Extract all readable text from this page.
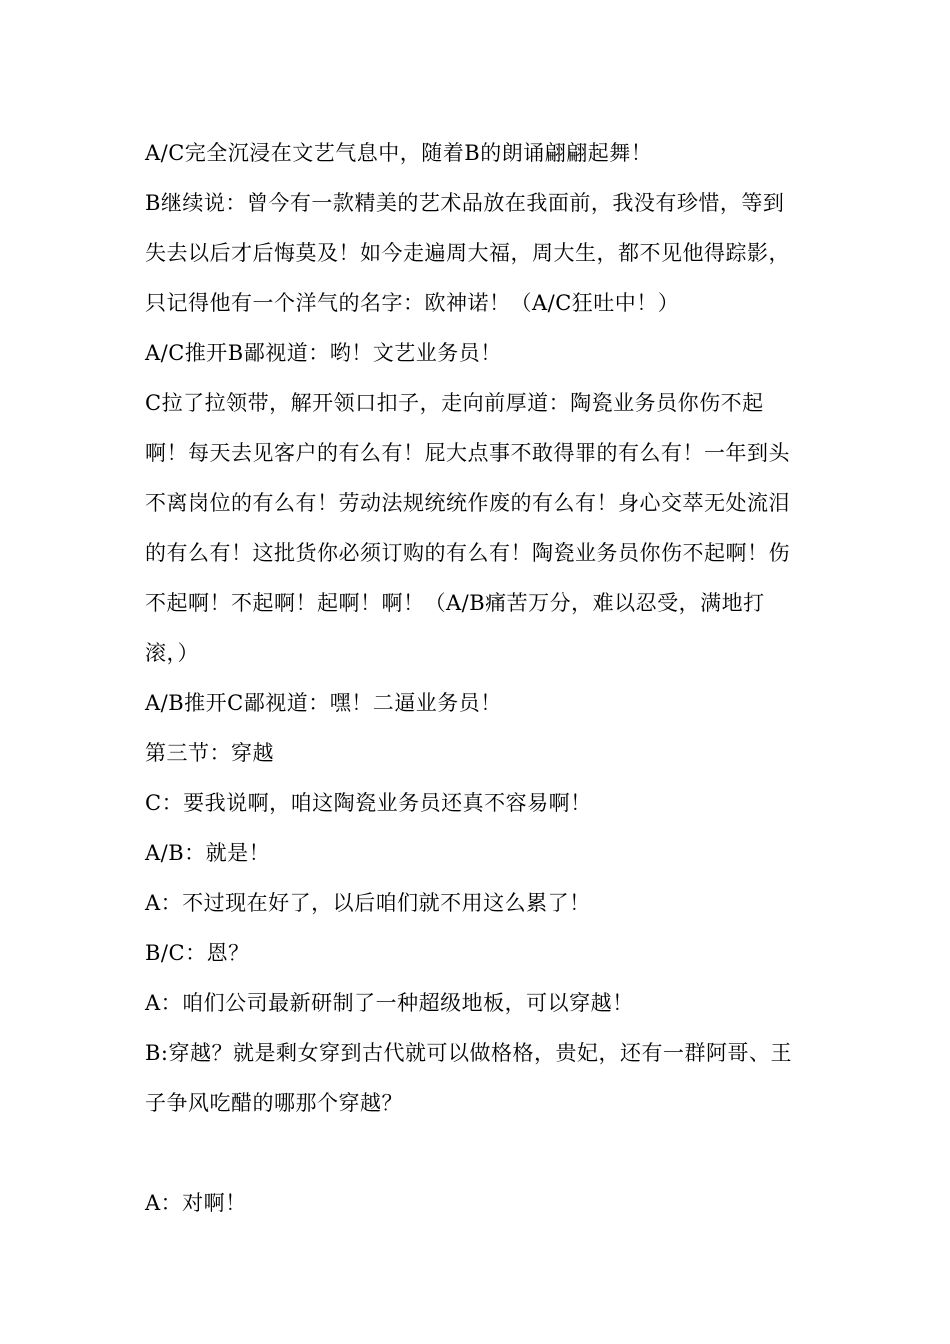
A/C完全沉浸在文艺气息中，随着B的朗诵翩翩起舞！

B继续说：曾今有一款精美的艺术品放在我面前，我没有珍惜，等到失去以后才后悔莫及！如今走遍周大福，周大生，都不见他得踪影，只记得他有一个洋气的名字：欧神诺！（A/C狂吐中！）

A/C推开B鄙视道：哟！文艺业务员！

C拉了拉领带，解开领口扣子，走向前厚道：陶瓷业务员你伤不起啊！每天去见客户的有么有！屁大点事不敢得罪的有么有！一年到头不离岗位的有么有！劳动法规统统作废的有么有！身心交萃无处流泪的有么有！这批货你必须订购的有么有！陶瓷业务员你伤不起啊！伤不起啊！不起啊！起啊！啊！（A/B痛苦万分，难以忍受，满地打滚，）

A/B推开C鄙视道：嘿！二逼业务员！

第三节：穿越

C：要我说啊，咱这陶瓷业务员还真不容易啊！

A/B：就是！

A：不过现在好了，以后咱们就不用这么累了！

B/C：恩？

A：咱们公司最新研制了一种超级地板，可以穿越！

B:穿越？就是剩女穿到古代就可以做格格，贵妃，还有一群阿哥、王子争风吃醋的哪那个穿越？

A：对啊！
